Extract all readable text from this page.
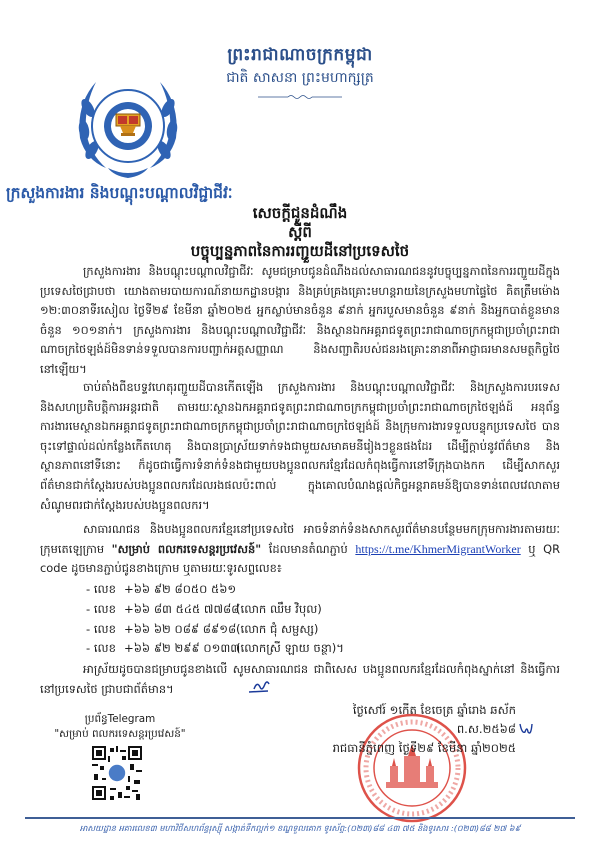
ព្រះរាជាណាចក្រកម្ពុជា
ជាតិ សាសនា ព្រះមហាក្សត្រ
ក្រសួងការងារ និងបណ្តុះបណ្តាលវិជ្ជាជីវៈ
សេចក្តីជូនដំណឹង
ស្តីពី
បច្ចុប្បន្នភាពនៃការរញ្ជួយដីនៅប្រទេសថៃ

ក្រសួងការងារ និងបណ្តុះបណ្តាលវិជ្ជាជីវៈ សូមជម្រាបជូនដំណឹងដល់សាធារណជននូវបច្ចុប្បន្នភាពនៃការរញ្ជួយដីក្នុងប្រទេសថៃជ្រាបថា យោងតាមរបាយការណ៍នាយកដ្ឋានបង្ការ និងគ្រប់គ្រងគ្រោះមហន្តរាយនៃក្រសួងមហាផ្ទៃថៃ គិតត្រឹមម៉ោង ១២:៣០នាទីរសៀល ថ្ងៃទី២៩ ខែមីនា ឆ្នាំ២០២៥ អ្នកស្លាប់មានចំនួន ៩នាក់ អ្នករបួសមានចំនួន ៩នាក់ និងអ្នកបាត់ខ្លួនមានចំនួន ១០១នាក់។ ក្រសួងការងារ និងបណ្តុះបណ្តាលវិជ្ជាជីវៈ និងស្ថានឯកអគ្គរាជទូតព្រះរាជាណាចក្រកម្ពុជាប្រចាំព្រះរាជាណាចក្រថៃឡង់ដ៍មិនទាន់ទទួលបានការបញ្ជាក់អត្តសញ្ញាណ និងសញ្ជាតិរបស់ជនរងគ្រោះនានាពីអាជ្ញាធរមានសមត្ថកិច្ចថៃនៅឡើយ។

ចាប់តាំងពីឧបទ្ទវហេតុរញ្ជួយដីបានកើតឡើង ក្រសួងការងារ និងបណ្តុះបណ្តាលវិជ្ជាជីវៈ និងក្រសួងការបរទេស និងសហប្រតិបត្តិការអន្តរជាតិ តាមរយៈស្ថានឯកអគ្គរាជទូតព្រះរាជាណាចក្រកម្ពុជាប្រចាំព្រះរាជាណាចក្រថៃឡង់ដ៍ អនុព័ន្ធការងារមេស្ថានឯកអគ្គរាជទូតព្រះរាជាណាចក្រកម្ពុជាប្រចាំព្រះរាជាណាចក្រថៃឡង់ដ៍ និងក្រុមការងារទទួលបន្ទុកប្រទេសថៃ បានចុះទៅផ្ទាល់ដល់កន្លែងកើតហេតុ និងបានប្រាស្រ័យទាក់ទងជាមួយសមាគមនីរៀងៗខ្លួនផងដែរ ដើម្បីក្តាប់នូវព័ត៌មាន និងស្ថានភាពនៅទីនោះ ក៏ដូចជាធ្វើការទំនាក់ទំនងជាមួយបងប្អូនពលករខ្មែរដែលកំពុងធ្វើការនៅទីក្រុងបាងកក ដើម្បីសាកសួរព័ត៌មានជាក់ស្តែងរបស់បងប្អូនពលករដែលរងផលប៉ះពាល់ ក្នុងគោលបំណងផ្តល់កិច្ចអន្តរាគមន៍ឱ្យបានទាន់ពេលវេលាតាមសំណូមពរជាក់ស្តែងរបស់បងប្អូនពលករ។

សាធារណជន និងបងប្អូនពលករខ្មែរនៅប្រទេសថៃ អាចទំនាក់ទំនងសាកសួរព័ត៌មានបន្ថែមមកក្រុមការងារតាមរយៈក្រុមតេឡេក្រាម "សម្រាប់ ពលករទេសន្តរប្រវេសន៍" ដែលមានតំណភ្ជាប់ https://t.me/KhmerMigrantWorker ឬ QR code ដូចមានភ្ជាប់ជូនខាងក្រោម ឬតាមរយៈទូរសព្ទលេខ៖

- លេខ +៦៦ ៩២ ៨០៥០ ៥៦១
- លេខ +៦៦ ៨៣ ៥៤៥ ៧៧៨៨
(លោក ឈឹម វិបុល)
- លេខ +៦៦ ៦២ ០៨៩ ៨៩១៨ (លោក ជុំ សម្ផស្ស)
- លេខ +៦៦ ៩២ ២៩៩ ០១៣៣
(លោកស្រី ឡាយ ចន្ថា)។

អាស្រ័យដូចបានជម្រាបជូនខាងលើ សូមសាធារណជន ជាពិសេស បងប្អូនពលករខ្មែរដែលកំពុងស្នាក់នៅ និងធ្វើការនៅប្រទេសថៃ ជ្រាបជាព័ត៌មាន។

ថ្ងៃសៅរ៍ ១កើត ខែចេត្រ ឆ្នាំរោង ឆស័ក ព.ស.២៥៦៨
រាជធានីភ្នំពេញ ថ្ងៃទី២៩ ខែមីនា ឆ្នាំ២០២៥
ប្រព័ន្ធTelegram
"សម្រាប់ ពលករទេសន្តរប្រវេសន៍"
អាសយដ្ឋាន អគារលេខ៣ មហាវិថីសហព័ន្ធរុស្ស៊ី សង្កាត់ទឹកល្អក់១ ខណ្ឌទួលគោក ទូរស័ព្ទ:(០២៣)៨៨ ៤៣ ៧៥ និងទូរសារ :(០២៣)៨៨ ២៧ ៦៩
